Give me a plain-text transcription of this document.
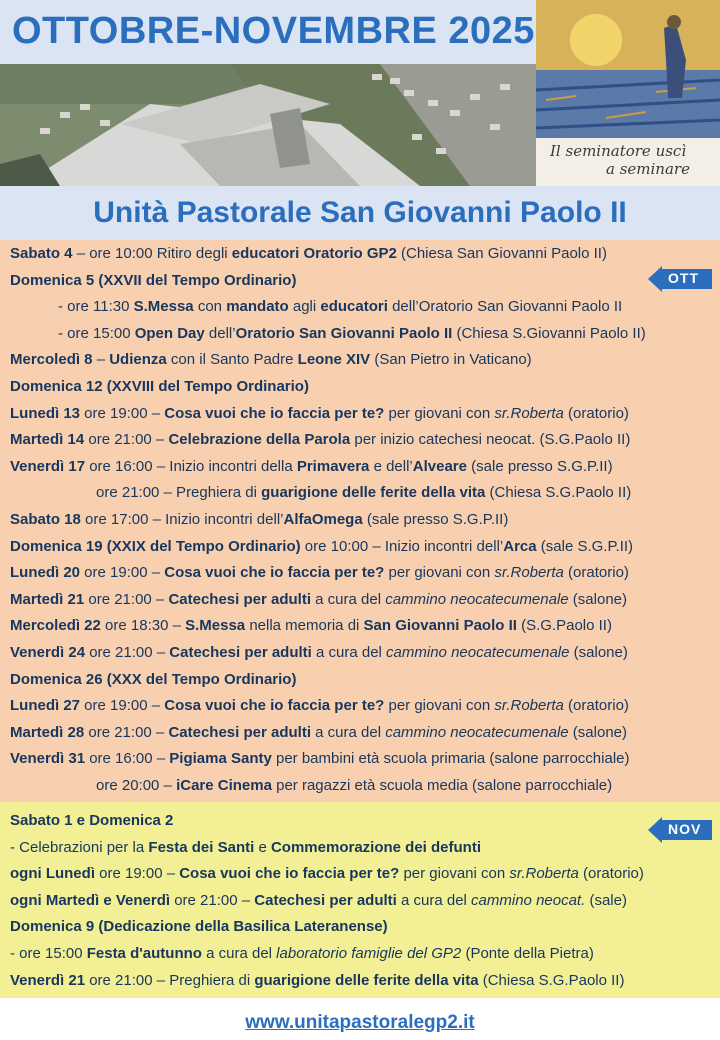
OTTOBRE-NOVEMBRE 2025
Il seminatore uscì
a seminare
Unità Pastorale San Giovanni Paolo II
OTT
Sabato 4 – ore 10:00 Ritiro degli educatori Oratorio GP2 (Chiesa San Giovanni Paolo II)
Domenica 5 (XXVII del Tempo Ordinario)
- ore 11:30 S.Messa con mandato agli educatori dell’Oratorio San Giovanni Paolo II
- ore 15:00 Open Day dell’Oratorio San Giovanni Paolo II (Chiesa S.Giovanni Paolo II)
Mercoledì 8 – Udienza con il Santo Padre Leone XIV (San Pietro in Vaticano)
Domenica 12 (XXVIII del Tempo Ordinario)
Lunedì 13 ore 19:00 – Cosa vuoi che io faccia per te? per giovani con sr.Roberta (oratorio)
Martedì 14 ore 21:00 – Celebrazione della Parola per inizio catechesi neocat. (S.G.Paolo II)
Venerdì 17 ore 16:00 – Inizio incontri della Primavera e dell’Alveare (sale presso S.G.P.II)
ore 21:00 – Preghiera di guarigione delle ferite della vita (Chiesa S.G.Paolo II)
Sabato 18 ore 17:00 – Inizio incontri dell’AlfaOmega (sale presso S.G.P.II)
Domenica 19 (XXIX del Tempo Ordinario) ore 10:00 – Inizio incontri dell’Arca (sale S.G.P.II)
Lunedì 20 ore 19:00 – Cosa vuoi che io faccia per te? per giovani con sr.Roberta (oratorio)
Martedì 21 ore 21:00 – Catechesi per adulti a cura del cammino neocatecumenale (salone)
Mercoledì 22 ore 18:30 – S.Messa nella memoria di San Giovanni Paolo II (S.G.Paolo II)
Venerdì 24 ore 21:00 – Catechesi per adulti a cura del cammino neocatecumenale (salone)
Domenica 26 (XXX del Tempo Ordinario)
Lunedì 27 ore 19:00 – Cosa vuoi che io faccia per te? per giovani con sr.Roberta (oratorio)
Martedì 28 ore 21:00 – Catechesi per adulti a cura del cammino neocatecumenale (salone)
Venerdì 31 ore 16:00 – Pigiama Santy per bambini età scuola primaria (salone parrocchiale)
ore 20:00 – iCare Cinema per ragazzi età scuola media (salone parrocchiale)
NOV
Sabato 1 e Domenica 2
- Celebrazioni per la Festa dei Santi e Commemorazione dei defunti
ogni Lunedì ore 19:00 – Cosa vuoi che io faccia per te? per giovani con sr.Roberta (oratorio)
ogni Martedì e Venerdì ore 21:00 – Catechesi per adulti a cura del cammino neocat. (sale)
Domenica 9 (Dedicazione della Basilica Lateranense)
- ore 15:00 Festa d'autunno a cura del laboratorio famiglie del GP2 (Ponte della Pietra)
Venerdì 21 ore 21:00 – Preghiera di guarigione delle ferite della vita (Chiesa S.G.Paolo II)
www.unitapastoralegp2.it
